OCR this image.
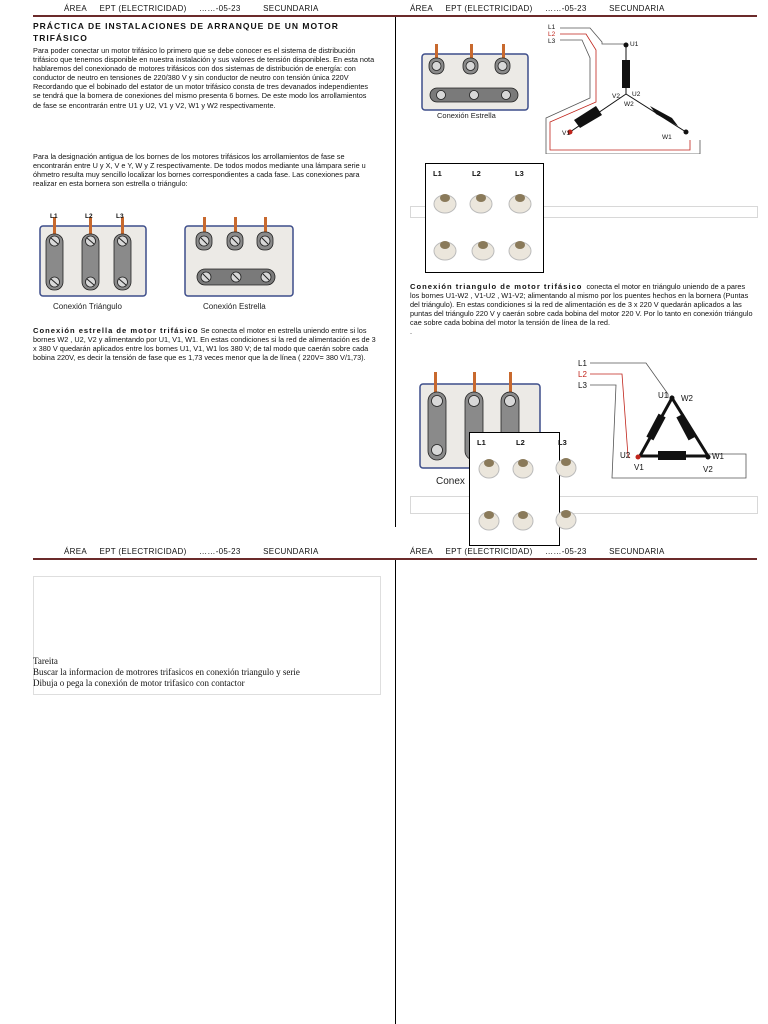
ÁREA EPT (ELECTRICIDAD) ……-05-23	SECUNDARIA	ÁREA EPT (ELECTRICIDAD) ……-05-23	SECUNDARIA
ÁREA EPT (ELECTRICIDAD) ……-05-23	SECUNDARIA	ÁREA EPT (ELECTRICIDAD) ……-05-23	SECUNDARIA
PRÁCTICA DE INSTALACIONES DE ARRANQUE DE UN MOTOR TRIFÁSICO
Para poder conectar un motor trifásico lo primero que se debe conocer es el sistema de distribución trifásico que tenemos disponible en nuestra instalación y sus valores de tensión disponibles. En esta nota hablaremos del conexionado de motores trifásicos con dos sistemas de distribución de energía: con conductor de neutro en tensiones de 220/380 V y sin conductor de neutro con tensión única 220V Recordando que el bobinado del estator de un motor trifásico consta de tres devanados independientes se tendrá que la bornera de conexiones del mismo presenta 6 bornes. De este modo los arrollamientos de fase se encontrarán entre U1 y U2, V1 y V2, W1 y W2 respectivamente.
Para la designación antigua de los bornes de los motores trifásicos los arrollamientos de fase se encontrarán entre U y X, V e Y, W y Z respectivamente. De todos modos mediante una lámpara serie u óhmetro resulta muy sencillo localizar los bornes correspondientes a cada fase. Las conexiones para realizar en esta bornera son estrella o triángulo:
L1	L2	L3
Conexión Triángulo	Conexión Estrella
Conexión estrella de motor trifásico Se conecta el motor en estrella uniendo entre si los bornes W2 , U2, V2 y alimentando por U1, V1, W1. En estas condiciones si la red de alimentación es de 3 x 380 V quedarán aplicados entre los bornes U1, V1, W1 los 380 V; de tal modo que caerán sobre cada bobina 220V, es decir la tensión de fase que es 1,73 veces menor que la de línea ( 220V= 380 V/1,73).
Conexión Estrella
L1
L2
L3	U1
V2 U2
W2
V1
W1
L1	L2	L3
Conexión triangulo de motor trifásico conecta el motor en triángulo uniendo de a pares los bornes U1-W2 , V1-U2 , W1-V2; alimentando al mismo por los puentes hechos en la bornera (Puntas del triángulo). En estas condiciones si la red de alimentación es de 3 x 220 V quedarán aplicados a las puntas del triángulo 220 V y caerán sobre cada bobina del motor 220 V. Por lo tanto en conexión triángulo cae sobre cada bobina del motor la tensión de línea de la red.
.
Conex
L1
L2
L3
U1 W2
U2
V1
W1
V2
L1	L2	L3
Tareita
Buscar la informacion de motrores trifasicos en conexión triangulo y serie
Dibuja o pega la conexión de motor trifasico con contactor
